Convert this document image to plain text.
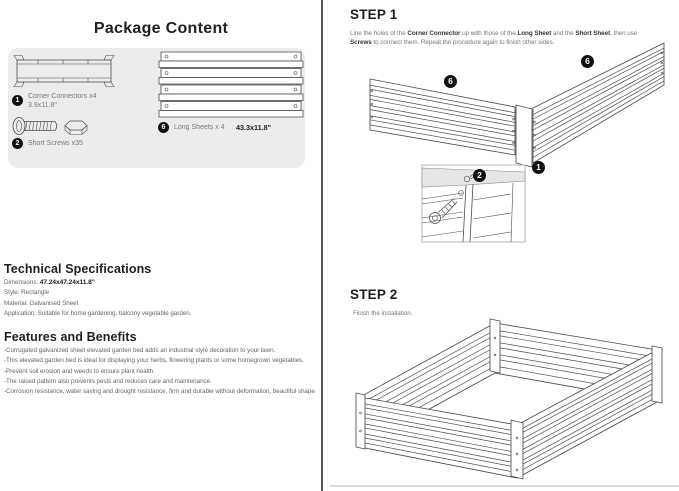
Package Content
1
Corner Connectors x4
3.9x11.8"
2	Short Screws x35
6	Long Sheets x 4 43.3x11.8"
Technical Specifications
Dimensions: 47.24x47.24x11.8"
Style: Rectangle
Material: Galvanised Sheet
Application: Suitable for home gardening, balcony vegetable garden.
Features and Benefits
-Corrugated galvanized sheet elevated garden bed adds an industrial style decoration to your lawn.
-This elevated garden bed is ideal for displaying your herbs, flowering plants or some homegrown vegetables.
-Prevent soil erosion and weeds to ensure plant health.
-The raised pattern also prevents pests and reduces care and maintenance.
-Corrosion resistance, water saving and drought resistance, firm and durable without deformation, beautiful shape
STEP 1
Line the holes of the Corner Connector up with those of the Long Sheet and the Short Sheet, then use Screws to connect them. Repeat the procedure again to finish other sides.
6
6
1
2
STEP 2
Finish the installation.
